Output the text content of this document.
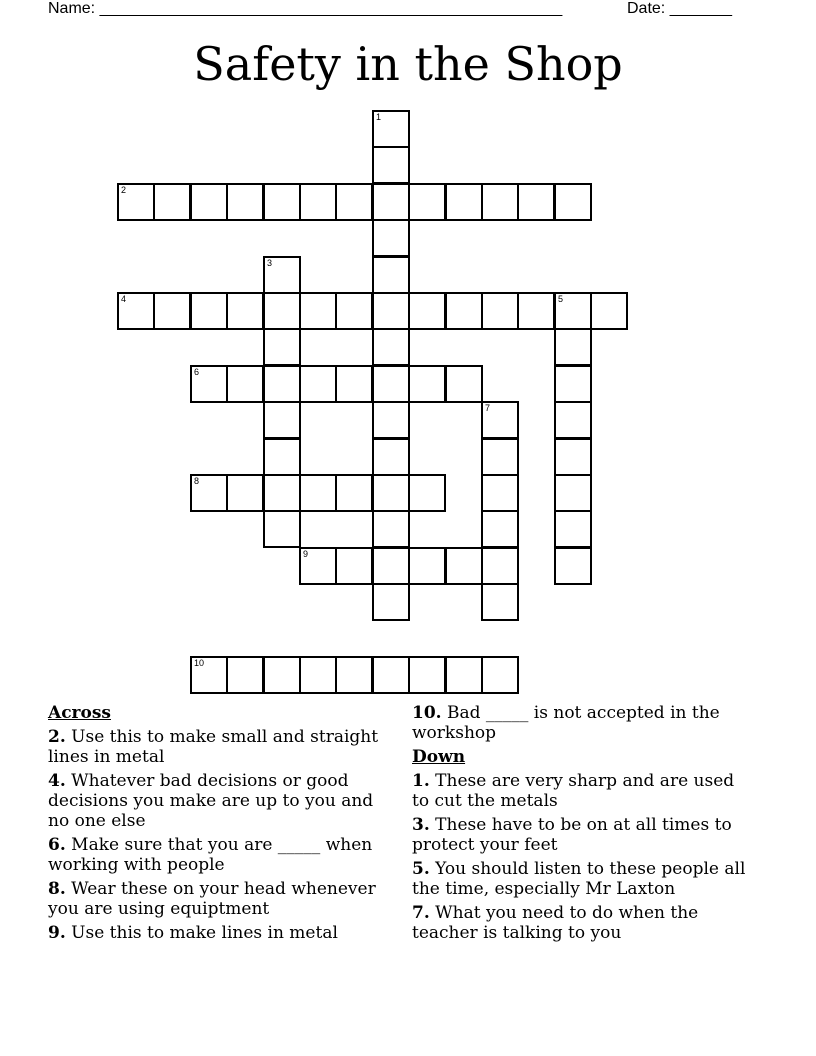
Name: ____________________________________________________	Date: _______
Safety in the Shop
1
2
3
4	5
6
7
8
9
10
Across
2. Use this to make small and straight lines in metal
4. Whatever bad decisions or good decisions you make are up to you and no one else
6. Make sure that you are _____ when working with people
8. Wear these on your head whenever you are using equiptment
9. Use this to make lines in metal
10. Bad _____ is not accepted in the workshop
Down
1. These are very sharp and are used to cut the metals
3. These have to be on at all times to protect your feet
5. You should listen to these people all the time, especially Mr Laxton
7. What you need to do when the teacher is talking to you
